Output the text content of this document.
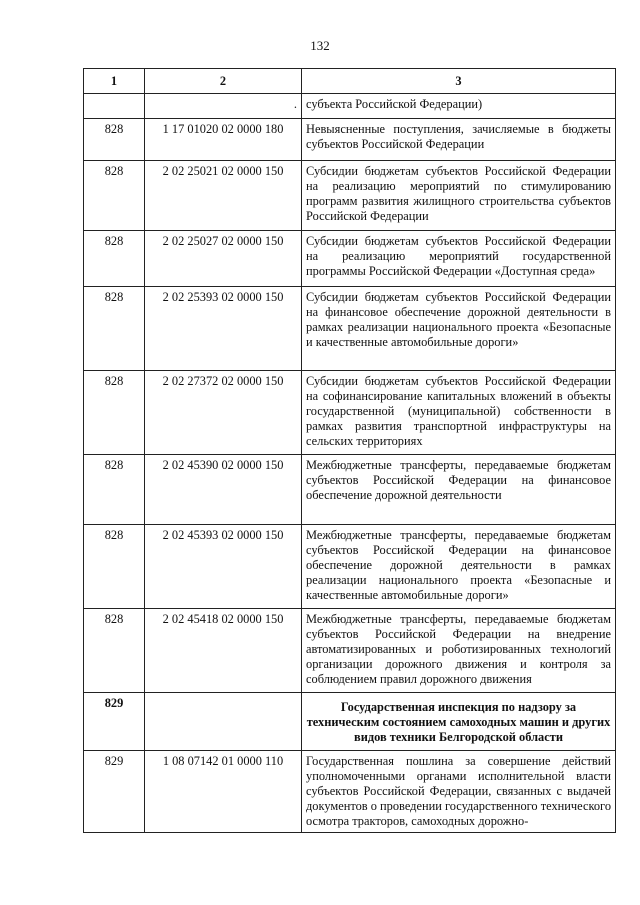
132
1	2	3
	.	субъекта Российской Федерации)
828	1 17 01020 02 0000 180	Невыясненные поступления, зачисляемые в бюджеты субъектов Российской Федерации
828	2 02 25021 02 0000 150	Субсидии бюджетам субъектов Российской Федерации на реализацию мероприятий по стимулированию программ развития жилищного строительства субъектов Российской Федерации
828	2 02 25027 02 0000 150	Субсидии бюджетам субъектов Российской Федерации на реализацию мероприятий государственной программы Российской Федерации «Доступная среда»
828	2 02 25393 02 0000 150	Субсидии бюджетам субъектов Российской Федерации на финансовое обеспечение дорожной деятельности в рамках реализации национального проекта «Безопасные и качественные автомобильные дороги»
828	2 02 27372 02 0000 150	Субсидии бюджетам субъектов Российской Федерации на софинансирование капитальных вложений в объекты государственной (муниципальной) собственности в рамках развития транспортной инфраструктуры на сельских территориях
828	2 02 45390 02 0000 150	Межбюджетные трансферты, передаваемые бюджетам субъектов Российской Федерации на финансовое обеспечение дорожной деятельности
828	2 02 45393 02 0000 150	Межбюджетные трансферты, передаваемые бюджетам субъектов Российской Федерации на финансовое обеспечение дорожной деятельности в рамках реализации национального проекта «Безопасные и качественные автомобильные дороги»
828	2 02 45418 02 0000 150	Межбюджетные трансферты, передаваемые бюджетам субъектов Российской Федерации на внедрение автоматизированных и роботизированных технологий организации дорожного движения и контроля за соблюдением правил дорожного движения
829		Государственная инспекция по надзору за техническим состоянием самоходных машин и других видов техники Белгородской области
829	1 08 07142 01 0000 110	Государственная пошлина за совершение действий уполномоченными органами исполнительной власти субъектов Российской Федерации, связанных с выдачей документов о проведении государственного технического осмотра тракторов, самоходных дорожно-
